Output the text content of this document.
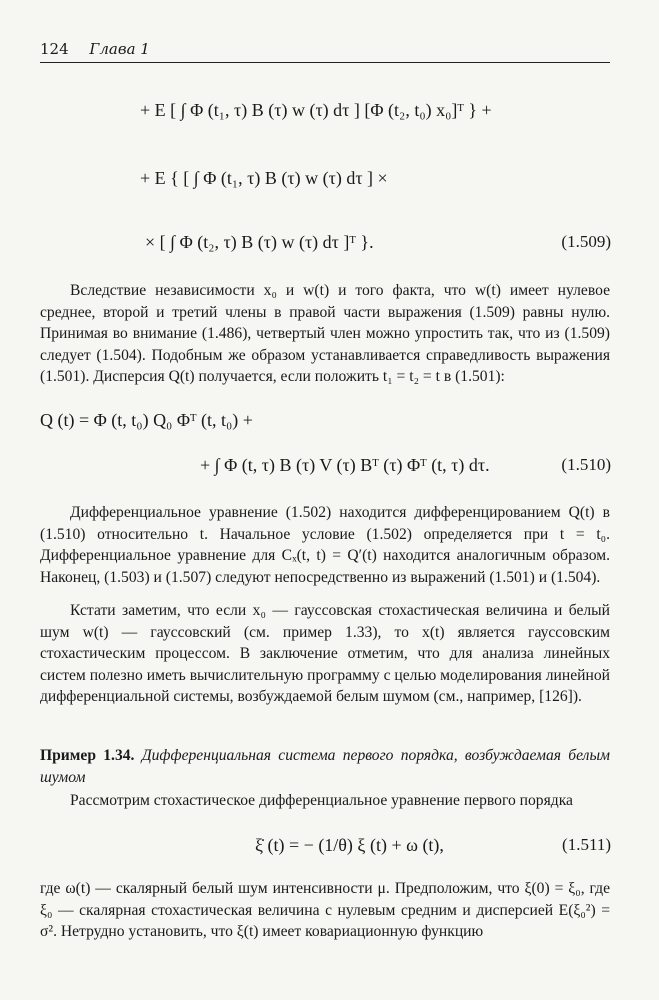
124 Глава 1
+ E [ ∫ Φ (t₁, τ) B (τ) w (τ) dτ ] [Φ (t₂, t₀) x₀]ᵀ } +
+ E { [ ∫ Φ (t₁, τ) B (τ) w (τ) dτ ] ×
× [ ∫ Φ (t₂, τ) B (τ) w (τ) dτ ]ᵀ }.	(1.509)

Вследствие независимости x₀ и w(t) и того факта, что w(t) имеет нулевое среднее, второй и третий члены в правой части выражения (1.509) равны нулю. Принимая во внимание (1.486), четвертый член можно упростить так, что из (1.509) следует (1.504). Подобным же образом устанавливается справедливость выражения (1.501). Дисперсия Q(t) получается, если положить t₁ = t₂ = t в (1.501):

Q (t) = Φ (t, t₀) Q₀ Φᵀ (t, t₀) +
+ ∫ Φ (t, τ) B (τ) V (τ) Bᵀ (τ) Φᵀ (t, τ) dτ.	(1.510)

Дифференциальное уравнение (1.502) находится дифференцированием Q(t) в (1.510) относительно t. Начальное условие (1.502) определяется при t = t₀. Дифференциальное уравнение для Cₓ(t, t) = Q′(t) находится аналогичным образом. Наконец, (1.503) и (1.507) следуют непосредственно из выражений (1.501) и (1.504).

Кстати заметим, что если x₀ — гауссовская стохастическая величина и белый шум w(t) — гауссовский (см. пример 1.33), то x(t) является гауссовским стохастическим процессом. В заключение отметим, что для анализа линейных систем полезно иметь вычислительную программу с целью моделирования линейной дифференциальной системы, возбуждаемой белым шумом (см., например, [126]).

Пример 1.34. Дифференциальная система первого порядка, возбуждаемая белым шумом

Рассмотрим стохастическое дифференциальное уравнение первого порядка

ξ̇ (t) = − (1/θ) ξ (t) + ω (t),	(1.511)

где ω(t) — скалярный белый шум интенсивности μ. Предположим, что ξ(0) = ξ₀, где ξ₀ — скалярная стохастическая величина с нулевым средним и дисперсией E(ξ₀²) = σ². Нетрудно установить, что ξ(t) имеет ковариационную функцию
